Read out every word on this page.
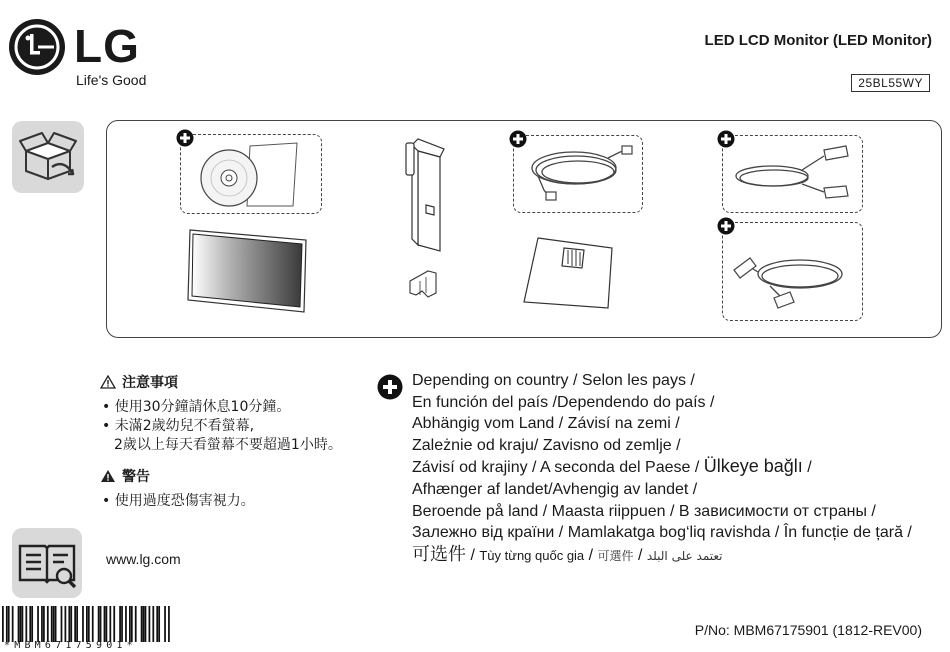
LG
Life's Good
LED LCD Monitor (LED Monitor)
25BL55WY
注意事項
• 使用30分鐘請休息10分鐘。
• 未滿2歲幼兒不看螢幕,
2歲以上每天看螢幕不要超過1小時。
警告
• 使用過度恐傷害視力。
Depending on country / Selon les pays /
En función del país /Dependendo do país /
Abhängig vom Land / Závisí na zemi /
Zależnie od kraju/ Zavisno od zemlje /
Závisí od krajiny / A seconda del Paese / Ülkeye bağlı /
Afhænger af landet/Avhengig av landet /
Beroende på land / Maasta riippuen / В зависимости от страны /
Залежно від країни / Mamlakatga bog‘liq ravishda / În funcție de țară /
可选件 / Tùy từng quốc gia / 可選件 / تعتمد على البلد
www.lg.com
*MBM67175901*
P/No: MBM67175901 (1812-REV00)
